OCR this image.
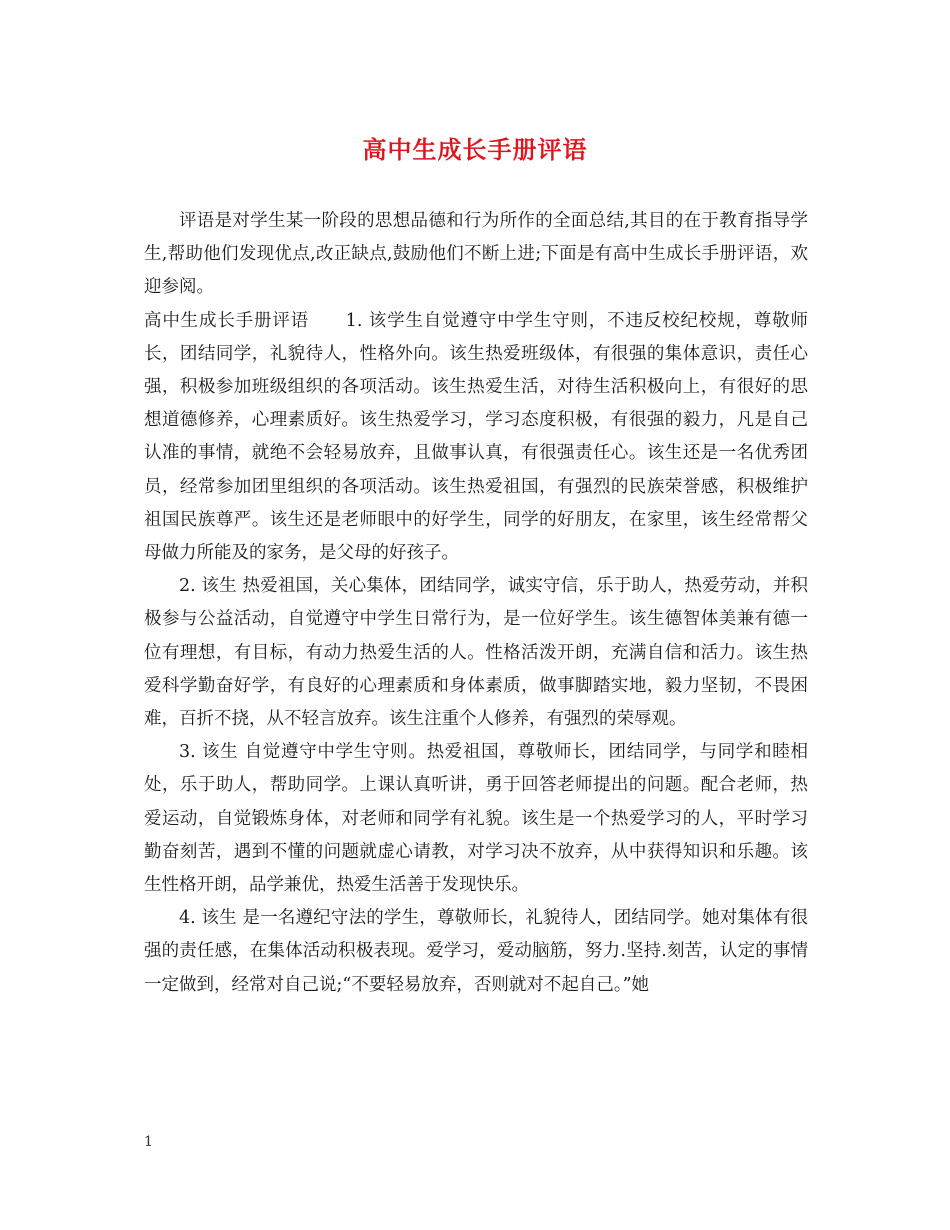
高中生成长手册评语

评语是对学生某一阶段的思想品德和行为所作的全面总结,其目的在于教育指导学生,帮助他们发现优点,改正缺点,鼓励他们不断上进;下面是有高中生成长手册评语，欢迎参阅。

高中生成长手册评语　　1. 该学生自觉遵守中学生守则，不违反校纪校规，尊敬师长，团结同学，礼貌待人，性格外向。该生热爱班级体，有很强的集体意识，责任心强，积极参加班级组织的各项活动。该生热爱生活，对待生活积极向上，有很好的思想道德修养，心理素质好。该生热爱学习，学习态度积极，有很强的毅力，凡是自己认准的事情，就绝不会轻易放弃，且做事认真，有很强责任心。该生还是一名优秀团员，经常参加团里组织的各项活动。该生热爱祖国，有强烈的民族荣誉感，积极维护祖国民族尊严。该生还是老师眼中的好学生，同学的好朋友，在家里，该生经常帮父母做力所能及的家务，是父母的好孩子。

2. 该生 热爱祖国，关心集体，团结同学，诚实守信，乐于助人，热爱劳动，并积极参与公益活动，自觉遵守中学生日常行为，是一位好学生。该生德智体美兼有德一位有理想，有目标，有动力热爱生活的人。性格活泼开朗，充满自信和活力。该生热爱科学勤奋好学，有良好的心理素质和身体素质，做事脚踏实地，毅力坚韧，不畏困难，百折不挠，从不轻言放弃。该生注重个人修养，有强烈的荣辱观。

3. 该生 自觉遵守中学生守则。热爱祖国，尊敬师长，团结同学，与同学和睦相处，乐于助人，帮助同学。上课认真听讲，勇于回答老师提出的问题。配合老师，热爱运动，自觉锻炼身体，对老师和同学有礼貌。该生是一个热爱学习的人，平时学习勤奋刻苦，遇到不懂的问题就虚心请教，对学习决不放弃，从中获得知识和乐趣。该生性格开朗，品学兼优，热爱生活善于发现快乐。

4. 该生 是一名遵纪守法的学生，尊敬师长，礼貌待人，团结同学。她对集体有很强的责任感，在集体活动积极表现。爱学习，爱动脑筋，努力.坚持.刻苦，认定的事情一定做到，经常对自己说;“不要轻易放弃，否则就对不起自己。”她

1
